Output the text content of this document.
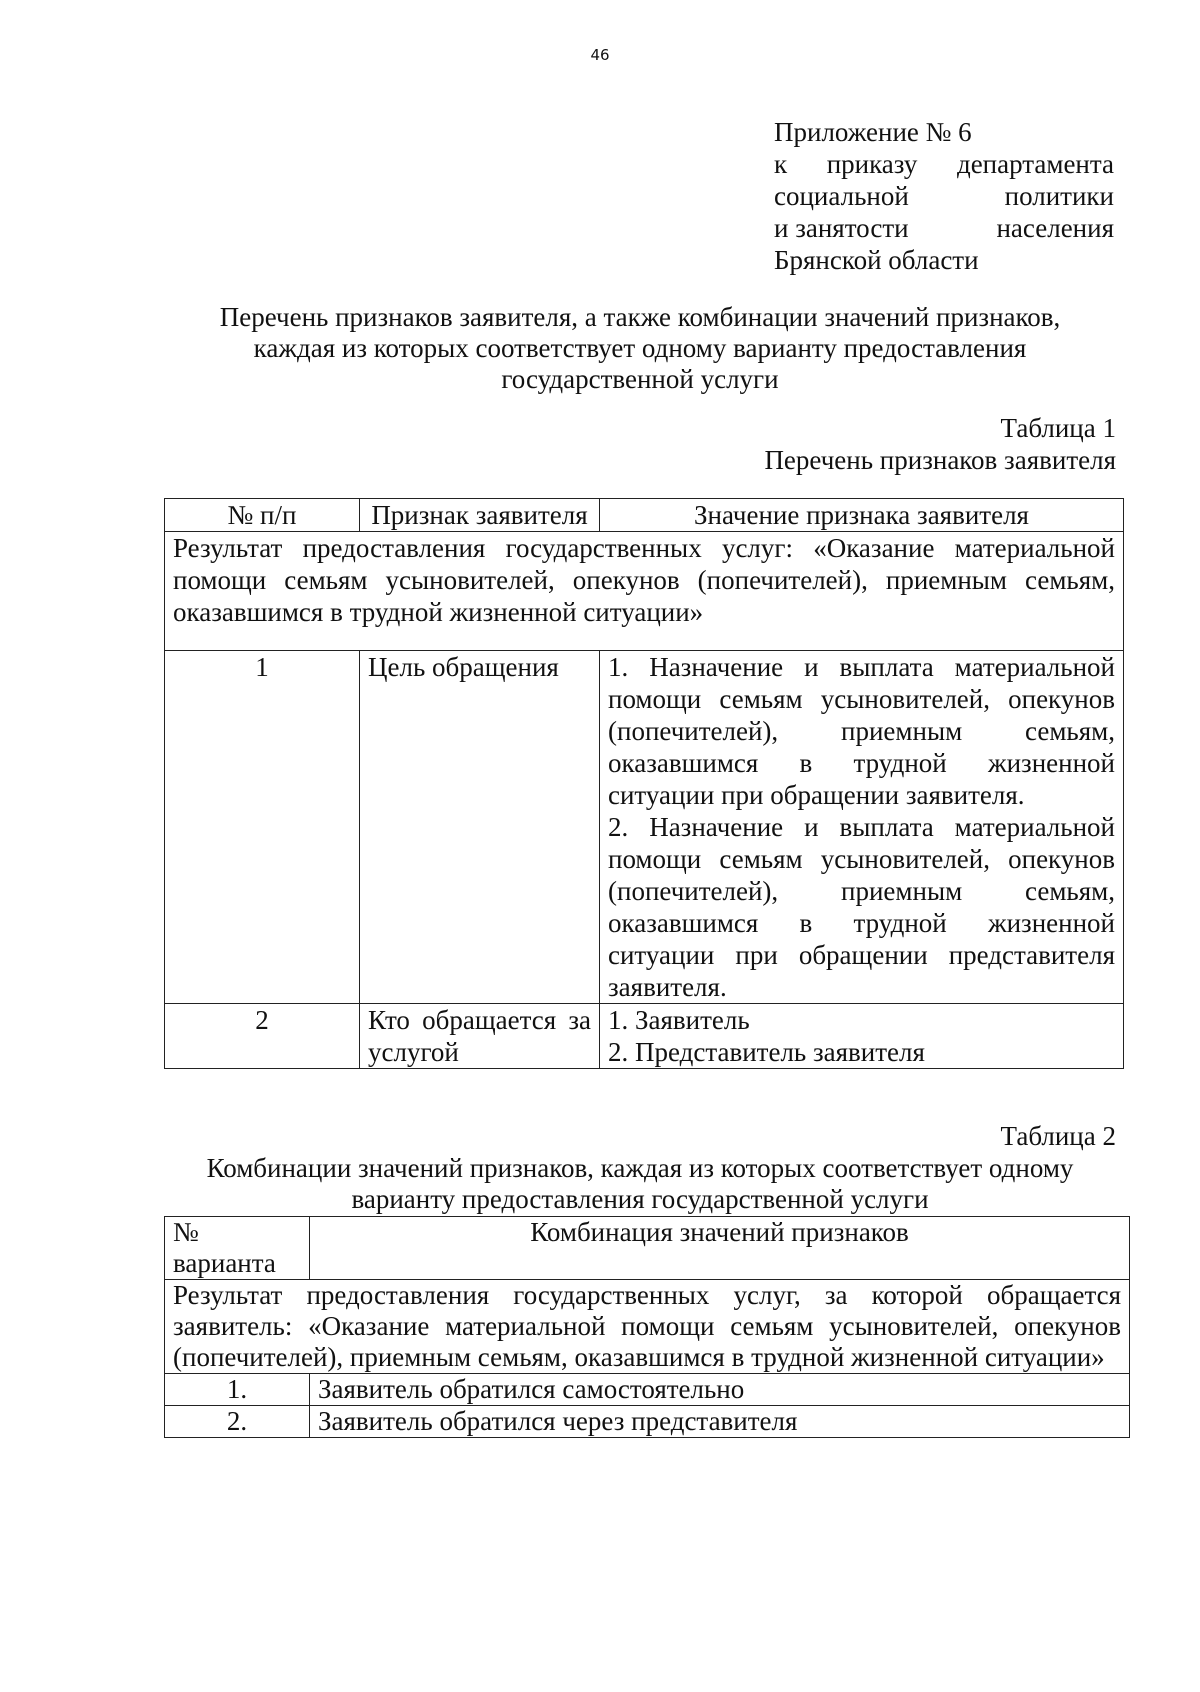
46
Приложение № 6
к приказу департамента
социальной	политики
и занятости	населения
Брянской области
Перечень признаков заявителя, а также комбинации значений признаков,
каждая из которых соответствует одному варианту предоставления
государственной услуги
Таблица 1
Перечень признаков заявителя
№ п/п	Признак заявителя	Значение признака заявителя
Результат предоставления государственных услуг: «Оказание материальной помощи семьям усыновителей, опекунов (попечителей), приемным семьям, оказавшимся в трудной жизненной ситуации»		
1	Цель обращения	1. Назначение и выплата материальной помощи семьям усыновителей, опекунов (попечителей), приемным семьям, оказавшимся в трудной жизненной ситуации при обращении заявителя.
2. Назначение и выплата материальной помощи семьям усыновителей, опекунов (попечителей), приемным семьям, оказавшимся в трудной жизненной ситуации при обращении представителя заявителя.

2	Кто обращается за услугой	1. Заявитель
2. Представитель заявителя
Таблица 2
Комбинации значений признаков, каждая из которых соответствует одному
варианту предоставления государственной услуги
№ варианта	Комбинация значений признаков
Результат предоставления государственных услуг, за которой обращается заявитель: «Оказание материальной помощи семьям усыновителей, опекунов (попечителей), приемным семьям, оказавшимся в трудной жизненной ситуации»	
1.	Заявитель обратился самостоятельно
2.	Заявитель обратился через представителя
